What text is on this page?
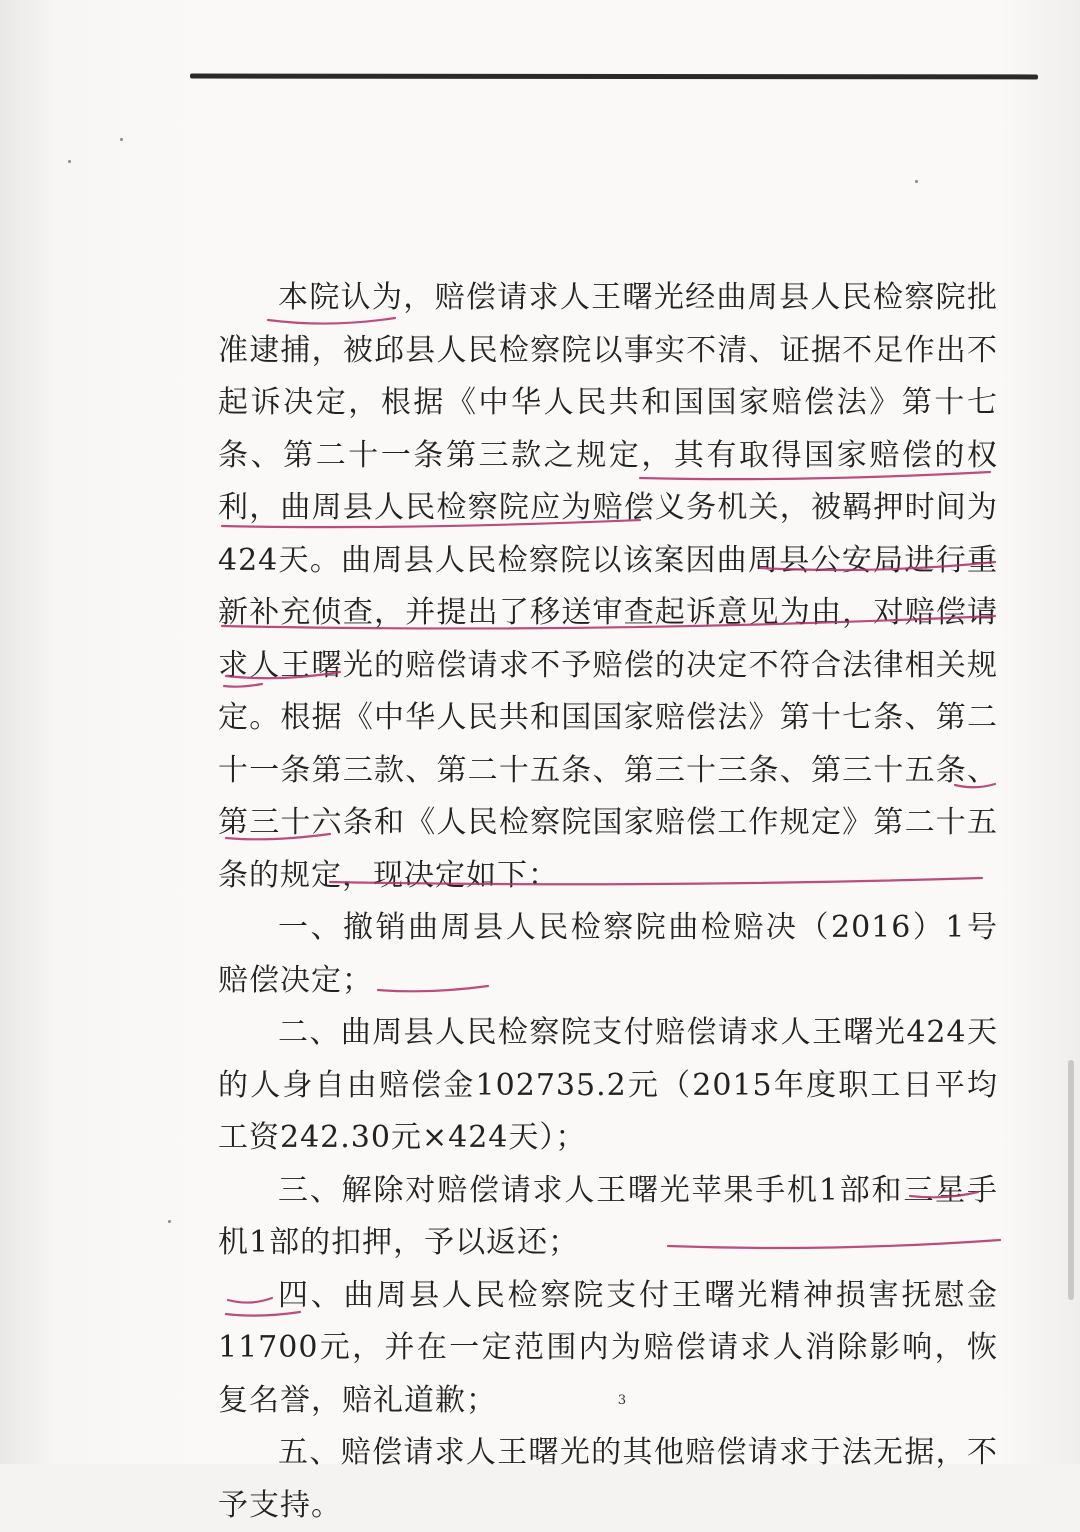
本院认为，赔偿请求人王曙光经曲周县人民检察院批准逮捕，被邱县人民检察院以事实不清、证据不足作出不起诉决定，根据《中华人民共和国国家赔偿法》第十七条、第二十一条第三款之规定，其有取得国家赔偿的权利，曲周县人民检察院应为赔偿义务机关，被羁押时间为424天。曲周县人民检察院以该案因曲周县公安局进行重新补充侦查，并提出了移送审查起诉意见为由，对赔偿请求人王曙光的赔偿请求不予赔偿的决定不符合法律相关规定。根据《中华人民共和国国家赔偿法》第十七条、第二十一条第三款、第二十五条、第三十三条、第三十五条、第三十六条和《人民检察院国家赔偿工作规定》第二十五条的规定，现决定如下：

一、撤销曲周县人民检察院曲检赔决（2016）1号赔偿决定；

二、曲周县人民检察院支付赔偿请求人王曙光424天的人身自由赔偿金102735.2元（2015年度职工日平均工资242.30元×424天）；

三、解除对赔偿请求人王曙光苹果手机1部和三星手机1部的扣押，予以返还；

四、曲周县人民检察院支付王曙光精神损害抚慰金11700元，并在一定范围内为赔偿请求人消除影响，恢复名誉，赔礼道歉；

五、赔偿请求人王曙光的其他赔偿请求于法无据，不予支持。

3
